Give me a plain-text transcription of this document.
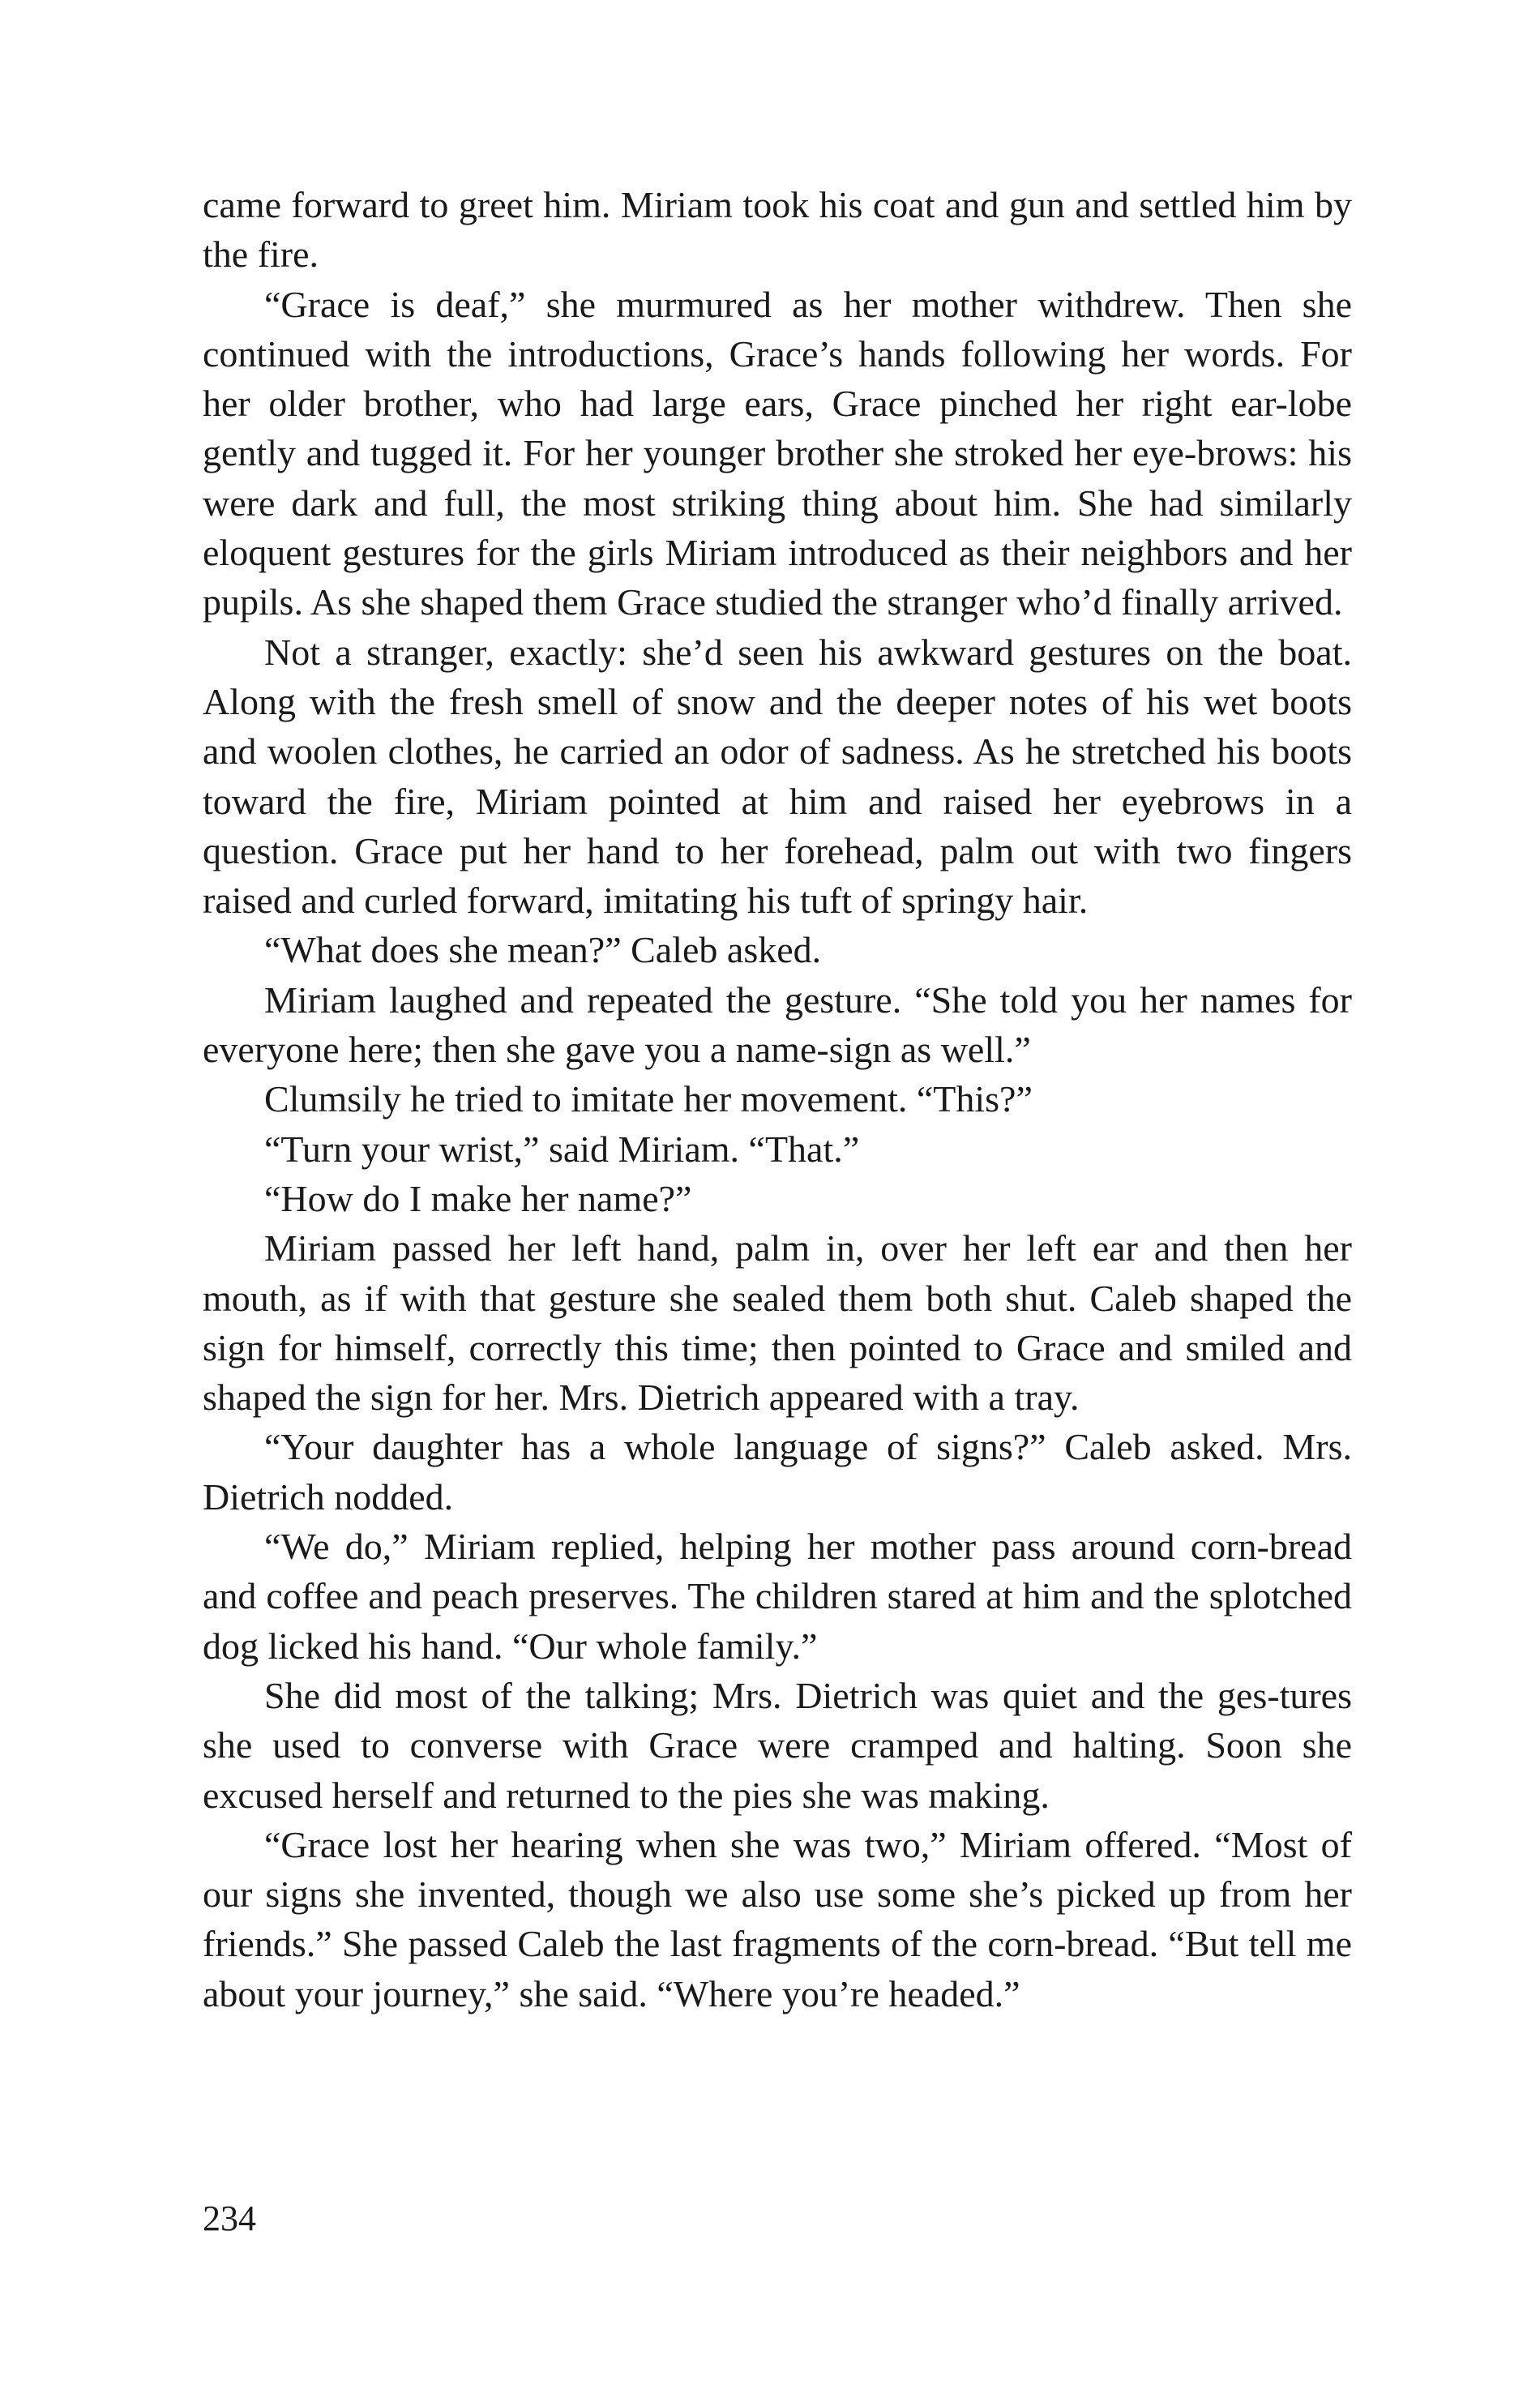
came forward to greet him. Miriam took his coat and gun and settled him by the fire.

“Grace is deaf,” she murmured as her mother withdrew. Then she continued with the introductions, Grace’s hands following her words. For her older brother, who had large ears, Grace pinched her right ear-lobe gently and tugged it. For her younger brother she stroked her eye-brows: his were dark and full, the most striking thing about him. She had similarly eloquent gestures for the girls Miriam introduced as their neighbors and her pupils. As she shaped them Grace studied the stranger who’d finally arrived.

Not a stranger, exactly: she’d seen his awkward gestures on the boat. Along with the fresh smell of snow and the deeper notes of his wet boots and woolen clothes, he carried an odor of sadness. As he stretched his boots toward the fire, Miriam pointed at him and raised her eyebrows in a question. Grace put her hand to her forehead, palm out with two fingers raised and curled forward, imitating his tuft of springy hair.

“What does she mean?” Caleb asked.

Miriam laughed and repeated the gesture. “She told you her names for everyone here; then she gave you a name-sign as well.”

Clumsily he tried to imitate her movement. “This?”

“Turn your wrist,” said Miriam. “That.”

“How do I make her name?”

Miriam passed her left hand, palm in, over her left ear and then her mouth, as if with that gesture she sealed them both shut. Caleb shaped the sign for himself, correctly this time; then pointed to Grace and smiled and shaped the sign for her. Mrs. Dietrich appeared with a tray.

“Your daughter has a whole language of signs?” Caleb asked. Mrs. Dietrich nodded.

“We do,” Miriam replied, helping her mother pass around corn-bread and coffee and peach preserves. The children stared at him and the splotched dog licked his hand. “Our whole family.”

She did most of the talking; Mrs. Dietrich was quiet and the ges-tures she used to converse with Grace were cramped and halting. Soon she excused herself and returned to the pies she was making.

“Grace lost her hearing when she was two,” Miriam offered. “Most of our signs she invented, though we also use some she’s picked up from her friends.” She passed Caleb the last fragments of the corn-bread. “But tell me about your journey,” she said. “Where you’re headed.”

234
